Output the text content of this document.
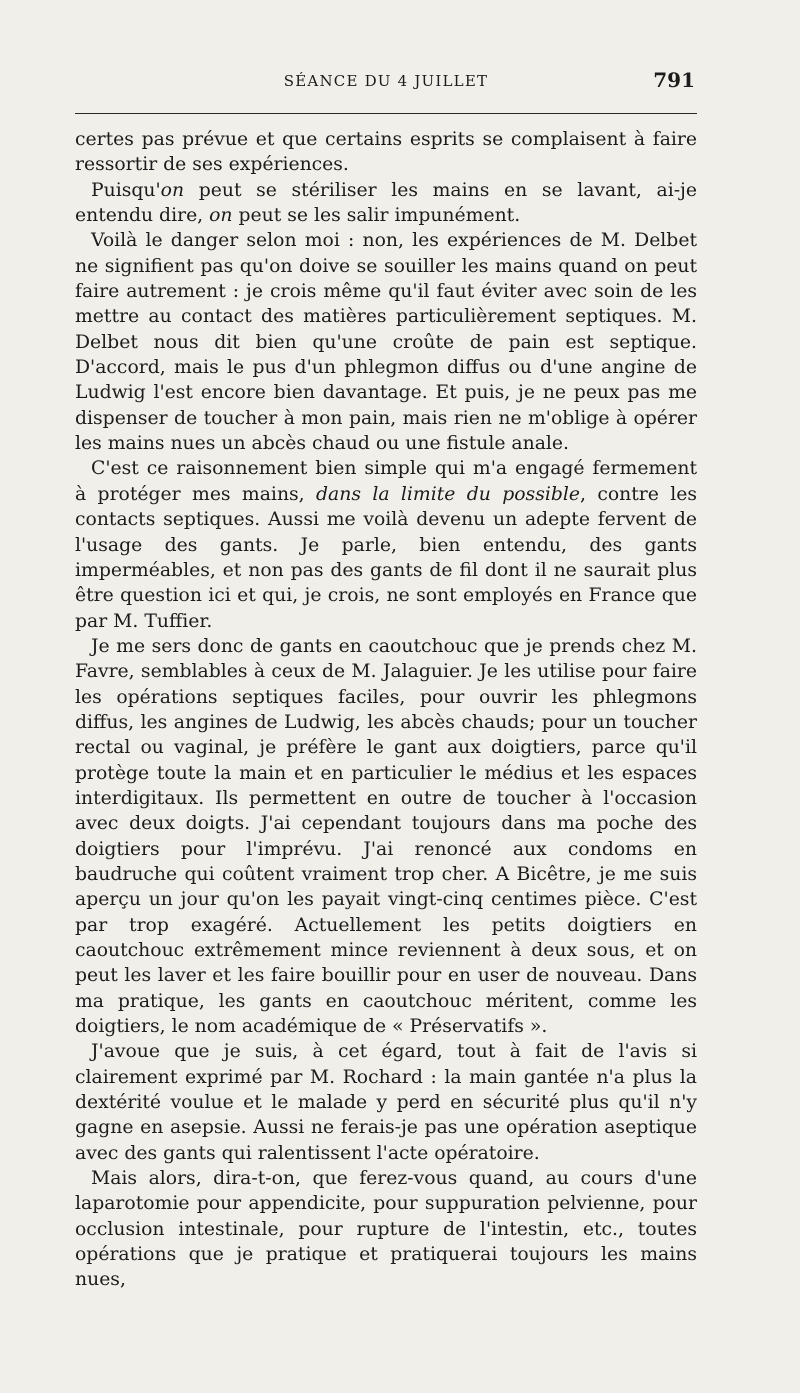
SÉANCE DU 4 JUILLET	791

certes pas prévue et que certains esprits se complaisent à faire ressortir de ses expériences.

Puisqu'on peut se stériliser les mains en se lavant, ai-je entendu dire, on peut se les salir impunément.

Voilà le danger selon moi : non, les expériences de M. Delbet ne signifient pas qu'on doive se souiller les mains quand on peut faire autrement : je crois même qu'il faut éviter avec soin de les mettre au contact des matières particulièrement septiques. M. Delbet nous dit bien qu'une croûte de pain est septique. D'accord, mais le pus d'un phlegmon diffus ou d'une angine de Ludwig l'est encore bien davantage. Et puis, je ne peux pas me dispenser de toucher à mon pain, mais rien ne m'oblige à opérer les mains nues un abcès chaud ou une fistule anale.

C'est ce raisonnement bien simple qui m'a engagé fermement à protéger mes mains, dans la limite du possible, contre les contacts septiques. Aussi me voilà devenu un adepte fervent de l'usage des gants. Je parle, bien entendu, des gants imperméables, et non pas des gants de fil dont il ne saurait plus être question ici et qui, je crois, ne sont employés en France que par M. Tuffier.

Je me sers donc de gants en caoutchouc que je prends chez M. Favre, semblables à ceux de M. Jalaguier. Je les utilise pour faire les opérations septiques faciles, pour ouvrir les phlegmons diffus, les angines de Ludwig, les abcès chauds; pour un toucher rectal ou vaginal, je préfère le gant aux doigtiers, parce qu'il protège toute la main et en particulier le médius et les espaces interdigitaux. Ils permettent en outre de toucher à l'occasion avec deux doigts. J'ai cependant toujours dans ma poche des doigtiers pour l'imprévu. J'ai renoncé aux condoms en baudruche qui coûtent vraiment trop cher. A Bicêtre, je me suis aperçu un jour qu'on les payait vingt-cinq centimes pièce. C'est par trop exagéré. Actuellement les petits doigtiers en caoutchouc extrêmement mince reviennent à deux sous, et on peut les laver et les faire bouillir pour en user de nouveau. Dans ma pratique, les gants en caoutchouc méritent, comme les doigtiers, le nom académique de « Préservatifs ».

J'avoue que je suis, à cet égard, tout à fait de l'avis si clairement exprimé par M. Rochard : la main gantée n'a plus la dextérité voulue et le malade y perd en sécurité plus qu'il n'y gagne en asepsie. Aussi ne ferais-je pas une opération aseptique avec des gants qui ralentissent l'acte opératoire.

Mais alors, dira-t-on, que ferez-vous quand, au cours d'une laparotomie pour appendicite, pour suppuration pelvienne, pour occlusion intestinale, pour rupture de l'intestin, etc., toutes opérations que je pratique et pratiquerai toujours les mains nues,
